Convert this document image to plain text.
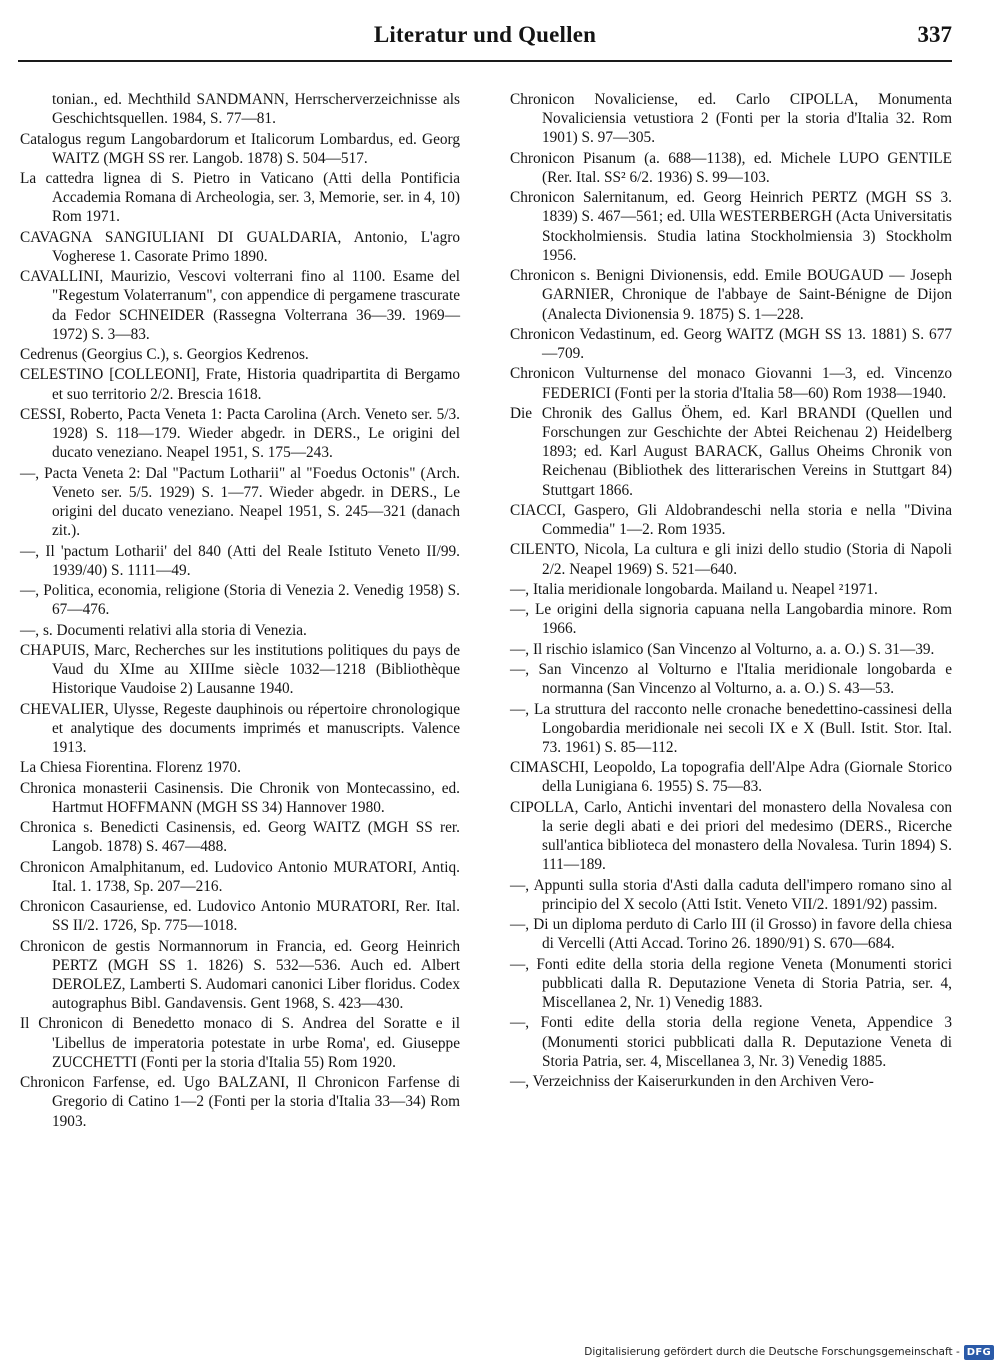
Literatur und Quellen	337

tonian., ed. Mechthild SANDMANN, Herrscherverzeichnisse als Geschichtsquellen. 1984, S. 77—81.

Catalogus regum Langobardorum et Italicorum Lombardus, ed. Georg WAITZ (MGH SS rer. Langob. 1878) S. 504—517.

La cattedra lignea di S. Pietro in Vaticano (Atti della Pontificia Accademia Romana di Archeologia, ser. 3, Memorie, ser. in 4, 10) Rom 1971.

CAVAGNA SANGIULIANI DI GUALDARIA, Antonio, L'agro Vogherese 1. Casorate Primo 1890.

CAVALLINI, Maurizio, Vescovi volterrani fino al 1100. Esame del "Regestum Volaterranum", con appendice di pergamene trascurate da Fedor SCHNEIDER (Rassegna Volterrana 36—39. 1969—1972) S. 3—83.

Cedrenus (Georgius C.), s. Georgios Kedrenos.

CELESTINO [COLLEONI], Frate, Historia quadripartita di Bergamo et suo territorio 2/2. Brescia 1618.

CESSI, Roberto, Pacta Veneta 1: Pacta Carolina (Arch. Veneto ser. 5/3. 1928) S. 118—179. Wieder abgedr. in DERS., Le origini del ducato veneziano. Neapel 1951, S. 175—243.

—, Pacta Veneta 2: Dal "Pactum Lotharii" al "Foedus Octonis" (Arch. Veneto ser. 5/5. 1929) S. 1—77. Wieder abgedr. in DERS., Le origini del ducato veneziano. Neapel 1951, S. 245—321 (danach zit.).

—, Il 'pactum Lotharii' del 840 (Atti del Reale Istituto Veneto II/99. 1939/40) S. 1111—49.

—, Politica, economia, religione (Storia di Venezia 2. Venedig 1958) S. 67—476.

—, s. Documenti relativi alla storia di Venezia.

CHAPUIS, Marc, Recherches sur les institutions politiques du pays de Vaud du XIme au XIIIme siècle 1032—1218 (Bibliothèque Historique Vaudoise 2) Lausanne 1940.

CHEVALIER, Ulysse, Regeste dauphinois ou répertoire chronologique et analytique des documents imprimés et manuscripts. Valence 1913.

La Chiesa Fiorentina. Florenz 1970.

Chronica monasterii Casinensis. Die Chronik von Montecassino, ed. Hartmut HOFFMANN (MGH SS 34) Hannover 1980.

Chronica s. Benedicti Casinensis, ed. Georg WAITZ (MGH SS rer. Langob. 1878) S. 467—488.

Chronicon Amalphitanum, ed. Ludovico Antonio MURATORI, Antiq. Ital. 1. 1738, Sp. 207—216.

Chronicon Casauriense, ed. Ludovico Antonio MURATORI, Rer. Ital. SS II/2. 1726, Sp. 775—1018.

Chronicon de gestis Normannorum in Francia, ed. Georg Heinrich PERTZ (MGH SS 1. 1826) S. 532—536. Auch ed. Albert DEROLEZ, Lamberti S. Audomari canonici Liber floridus. Codex autographus Bibl. Gandavensis. Gent 1968, S. 423—430.

Il Chronicon di Benedetto monaco di S. Andrea del Soratte e il 'Libellus de imperatoria potestate in urbe Roma', ed. Giuseppe ZUCCHETTI (Fonti per la storia d'Italia 55) Rom 1920.

Chronicon Farfense, ed. Ugo BALZANI, Il Chronicon Farfense di Gregorio di Catino 1—2 (Fonti per la storia d'Italia 33—34) Rom 1903.

Chronicon Novaliciense, ed. Carlo CIPOLLA, Monumenta Novaliciensia vetustiora 2 (Fonti per la storia d'Italia 32. Rom 1901) S. 97—305.

Chronicon Pisanum (a. 688—1138), ed. Michele LUPO GENTILE (Rer. Ital. SS² 6/2. 1936) S. 99—103.

Chronicon Salernitanum, ed. Georg Heinrich PERTZ (MGH SS 3. 1839) S. 467—561; ed. Ulla WESTERBERGH (Acta Universitatis Stockholmiensis. Studia latina Stockholmiensia 3) Stockholm 1956.

Chronicon s. Benigni Divionensis, edd. Emile BOUGAUD — Joseph GARNIER, Chronique de l'abbaye de Saint-Bénigne de Dijon (Analecta Divionensia 9. 1875) S. 1—228.

Chronicon Vedastinum, ed. Georg WAITZ (MGH SS 13. 1881) S. 677—709.

Chronicon Vulturnense del monaco Giovanni 1—3, ed. Vincenzo FEDERICI (Fonti per la storia d'Italia 58—60) Rom 1938—1940.

Die Chronik des Gallus Öhem, ed. Karl BRANDI (Quellen und Forschungen zur Geschichte der Abtei Reichenau 2) Heidelberg 1893; ed. Karl August BARACK, Gallus Oheims Chronik von Reichenau (Bibliothek des litterarischen Vereins in Stuttgart 84) Stuttgart 1866.

CIACCI, Gaspero, Gli Aldobrandeschi nella storia e nella "Divina Commedia" 1—2. Rom 1935.

CILENTO, Nicola, La cultura e gli inizi dello studio (Storia di Napoli 2/2. Neapel 1969) S. 521—640.

—, Italia meridionale longobarda. Mailand u. Neapel ²1971.

—, Le origini della signoria capuana nella Langobardia minore. Rom 1966.

—, Il rischio islamico (San Vincenzo al Volturno, a. a. O.) S. 31—39.

—, San Vincenzo al Volturno e l'Italia meridionale longobarda e normanna (San Vincenzo al Volturno, a. a. O.) S. 43—53.

—, La struttura del racconto nelle cronache benedettino-cassinesi della Longobardia meridionale nei secoli IX e X (Bull. Istit. Stor. Ital. 73. 1961) S. 85—112.

CIMASCHI, Leopoldo, La topografia dell'Alpe Adra (Giornale Storico della Lunigiana 6. 1955) S. 75—83.

CIPOLLA, Carlo, Antichi inventari del monastero della Novalesa con la serie degli abati e dei priori del medesimo (DERS., Ricerche sull'antica biblioteca del monastero della Novalesa. Turin 1894) S. 111—189.

—, Appunti sulla storia d'Asti dalla caduta dell'impero romano sino al principio del X secolo (Atti Istit. Veneto VII/2. 1891/92) passim.

—, Di un diploma perduto di Carlo III (il Grosso) in favore della chiesa di Vercelli (Atti Accad. Torino 26. 1890/91) S. 670—684.

—, Fonti edite della storia della regione Veneta (Monumenti storici pubblicati dalla R. Deputazione Veneta di Storia Patria, ser. 4, Miscellanea 2, Nr. 1) Venedig 1883.

—, Fonti edite della storia della regione Veneta, Appendice 3 (Monumenti storici pubblicati dalla R. Deputazione Veneta di Storia Patria, ser. 4, Miscellanea 3, Nr. 3) Venedig 1885.

—, Verzeichniss der Kaiserurkunden in den Archiven Vero-

Digitalisierung gefördert durch die Deutsche Forschungsgemeinschaft - DFG
